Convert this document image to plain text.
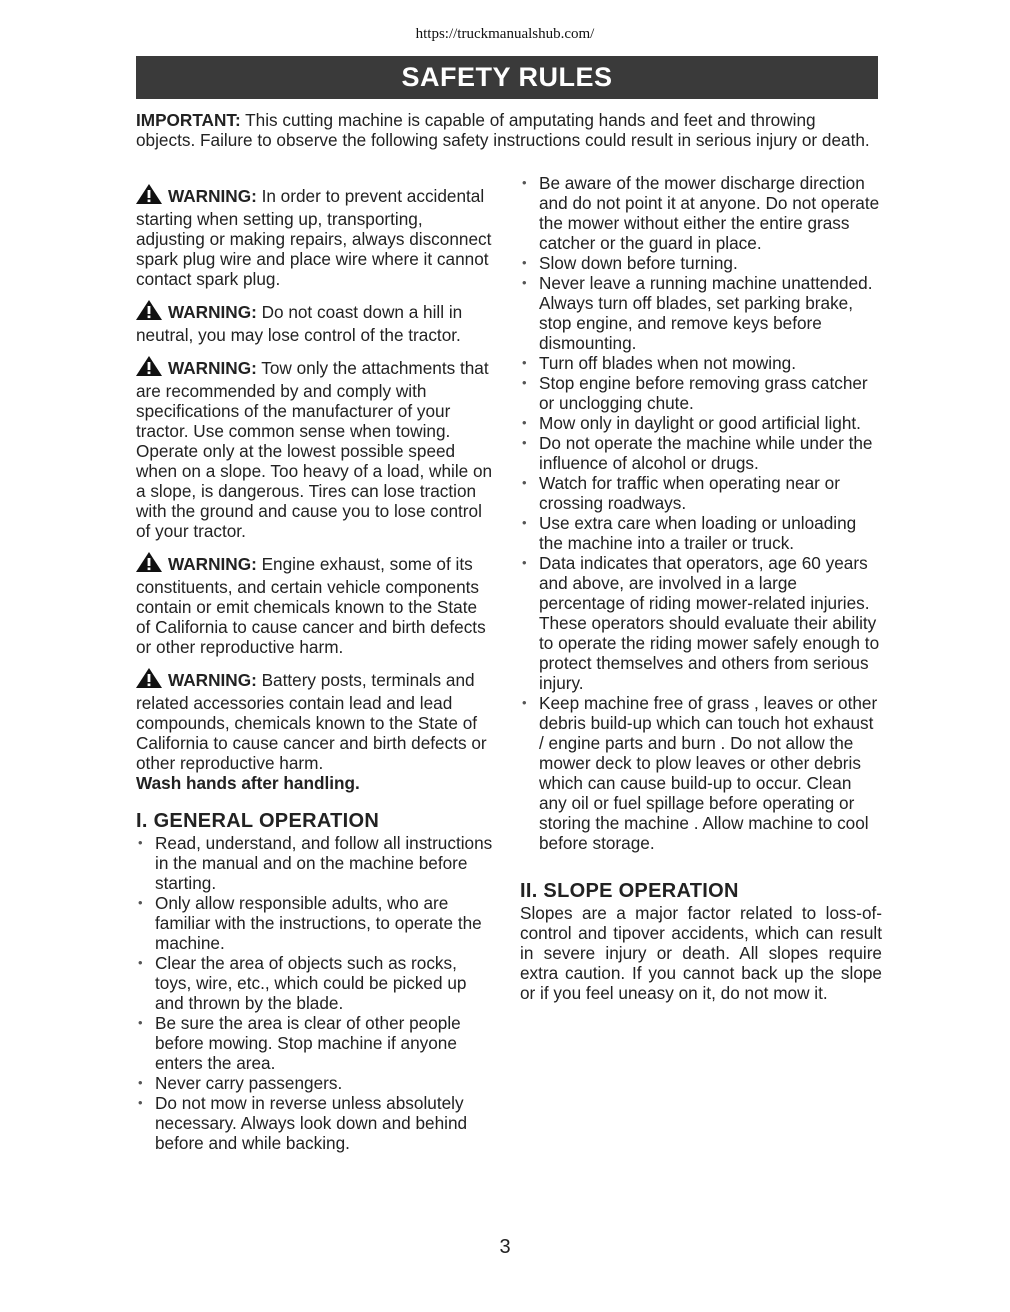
https://truckmanualshub.com/
SAFETY RULES
IMPORTANT: This cutting machine is capable of amputating hands and feet and throwing objects. Failure to observe the following safety instructions could result in serious injury or death.
WARNING: In order to prevent accidental starting when setting up, transporting, adjusting or making repairs, always disconnect spark plug wire and place wire where it cannot contact spark plug.
WARNING: Do not coast down a hill in neutral, you may lose control of the tractor.
WARNING: Tow only the attachments that are recommended by and comply with specifications of the manufacturer of your tractor. Use common sense when towing. Operate only at the lowest possible speed when on a slope. Too heavy of a load, while on a slope, is dangerous. Tires can lose traction with the ground and cause you to lose control of your tractor.
WARNING: Engine exhaust, some of its constituents, and certain vehicle components contain or emit chemicals known to the State of California to cause cancer and birth defects or other reproductive harm.
WARNING: Battery posts, terminals and related accessories contain lead and lead compounds, chemicals known to the State of California to cause cancer and birth defects or other reproductive harm.
Wash hands after handling.
I. GENERAL OPERATION
• Read, understand, and follow all instructions in the manual and on the machine before starting.
• Only allow responsible adults, who are familiar with the instructions, to operate the machine.
• Clear the area of objects such as rocks, toys, wire, etc., which could be picked up and thrown by the blade.
• Be sure the area is clear of other people before mowing. Stop machine if anyone enters the area.
• Never carry passengers.
• Do not mow in reverse unless absolutely necessary. Always look down and behind before and while backing.
• Be aware of the mower discharge direction and do not point it at anyone. Do not operate the mower without either the entire grass catcher or the guard in place.
• Slow down before turning.
• Never leave a running machine unattended. Always turn off blades, set parking brake, stop engine, and remove keys before dismounting.
• Turn off blades when not mowing.
• Stop engine before removing grass catcher or unclogging chute.
• Mow only in daylight or good artificial light.
• Do not operate the machine while under the influence of alcohol or drugs.
• Watch for traffic when operating near or crossing roadways.
• Use extra care when loading or unloading the machine into a trailer or truck.
• Data indicates that operators, age 60 years and above, are involved in a large percentage of riding mower-related injuries. These operators should evaluate their ability to operate the riding mower safely enough to protect themselves and others from serious injury.
• Keep machine free of grass , leaves or other debris build-up which can touch hot exhaust / engine parts and burn . Do not allow the mower deck to plow leaves or other debris which can cause build-up to occur. Clean any oil or fuel spillage before operating or storing the machine . Allow machine to cool before storage.
II. SLOPE OPERATION
Slopes are a major factor related to loss-of-control and tipover accidents, which can result in severe injury or death. All slopes require extra caution. If you cannot back up the slope or if you feel uneasy on it, do not mow it.
3
